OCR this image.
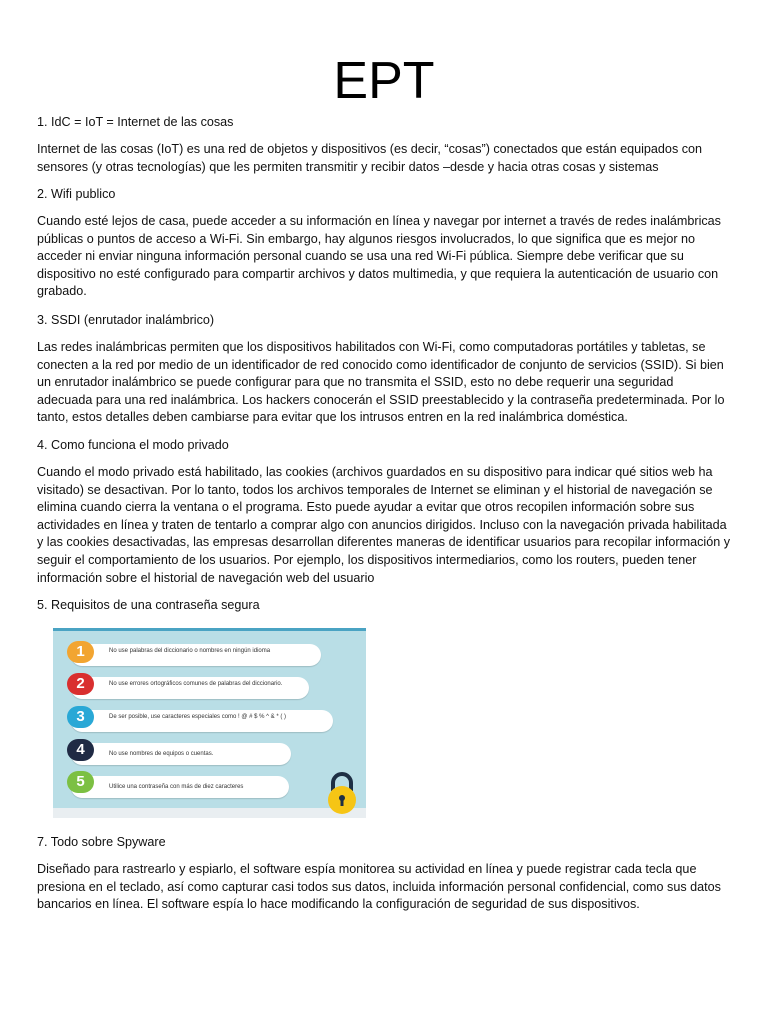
EPT

1. IdC = IoT = Internet de las cosas

Internet de las cosas (IoT) es una red de objetos y dispositivos (es decir, “cosas”) conectados que están equipados con sensores (y otras tecnologías) que les permiten transmitir y recibir datos –desde y hacia otras cosas y sistemas

2. Wifi publico

Cuando esté lejos de casa, puede acceder a su información en línea y navegar por internet a través de redes inalámbricas públicas o puntos de acceso a Wi-Fi. Sin embargo, hay algunos riesgos involucrados, lo que significa que es mejor no acceder ni enviar ninguna información personal cuando se usa una red Wi-Fi pública. Siempre debe verificar que su dispositivo no esté configurado para compartir archivos y datos multimedia, y que requiera la autenticación de usuario con grabado.

3. SSDI (enrutador inalámbrico)

Las redes inalámbricas permiten que los dispositivos habilitados con Wi-Fi, como computadoras portátiles y tabletas, se conecten a la red por medio de un identificador de red conocido como identificador de conjunto de servicios (SSID). Si bien un enrutador inalámbrico se puede configurar para que no transmita el SSID, esto no debe requerir una seguridad adecuada para una red inalámbrica. Los hackers conocerán el SSID preestablecido y la contraseña predeterminada. Por lo tanto, estos detalles deben cambiarse para evitar que los intrusos entren en la red inalámbrica doméstica.

4. Como funciona el modo privado

Cuando el modo privado está habilitado, las cookies (archivos guardados en su dispositivo para indicar qué sitios web ha visitado) se desactivan. Por lo tanto, todos los archivos temporales de Internet se eliminan y el historial de navegación se elimina cuando cierra la ventana o el programa. Esto puede ayudar a evitar que otros recopilen información sobre sus actividades en línea y traten de tentarlo a comprar algo con anuncios dirigidos. Incluso con la navegación privada habilitada y las cookies desactivadas, las empresas desarrollan diferentes maneras de identificar usuarios para recopilar información y seguir el comportamiento de los usuarios. Por ejemplo, los dispositivos intermediarios, como los routers, pueden tener información sobre el historial de navegación web del usuario

5. Requisitos de una contraseña segura

No use palabras del diccionario o nombres en ningún idioma
1
No use errores ortográficos comunes de palabras del diccionario.
2
De ser posible, use caracteres especiales como ! @ # $ % ^ & * ( )
3
No use nombres de equipos o cuentas.
4
Utilice una contraseña con más de diez caracteres
5

7. Todo sobre Spyware

Diseñado para rastrearlo y espiarlo, el software espía monitorea su actividad en línea y puede registrar cada tecla que presiona en el teclado, así como capturar casi todos sus datos, incluida información personal confidencial, como sus datos bancarios en línea. El software espía lo hace modificando la configuración de seguridad de sus dispositivos.
